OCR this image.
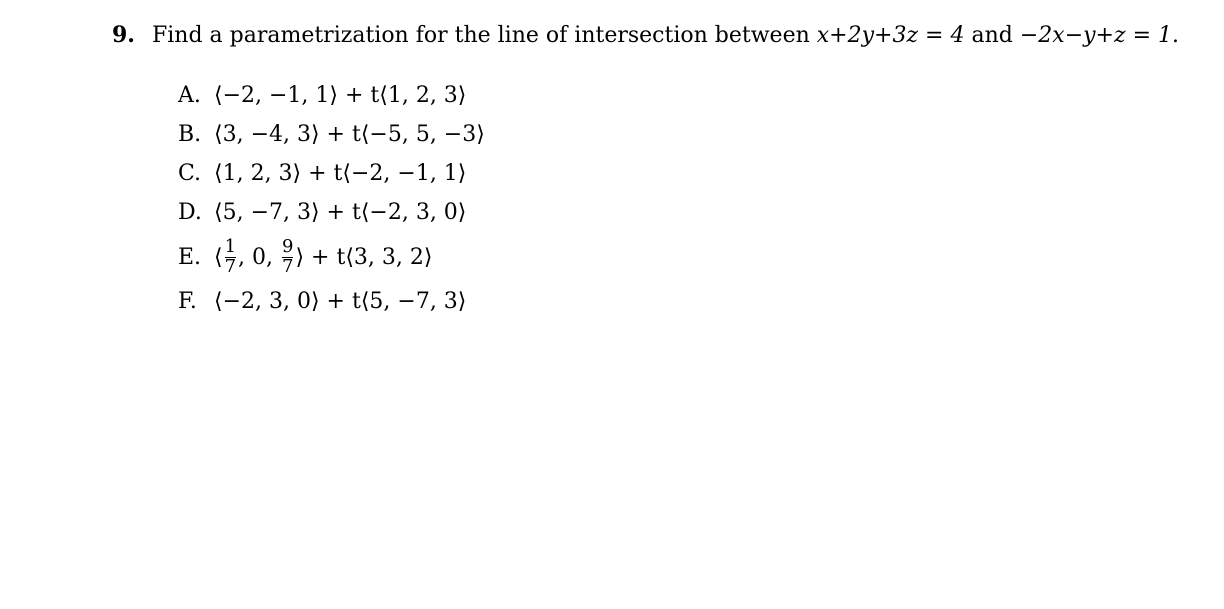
9. Find a parametrization for the line of intersection between x+2y+3z = 4 and −2x−y+z = 1.
A. ⟨−2, −1, 1⟩ + t⟨1, 2, 3⟩
B. ⟨3, −4, 3⟩ + t⟨−5, 5, −3⟩
C. ⟨1, 2, 3⟩ + t⟨−2, −1, 1⟩
D. ⟨5, −7, 3⟩ + t⟨−2, 3, 0⟩
E. ⟨ $\frac{1}{7}$ , 0, $\frac{9}{7}$ ⟩ + t⟨3, 3, 2⟩
F. ⟨−2, 3, 0⟩ + t⟨5, −7, 3⟩
